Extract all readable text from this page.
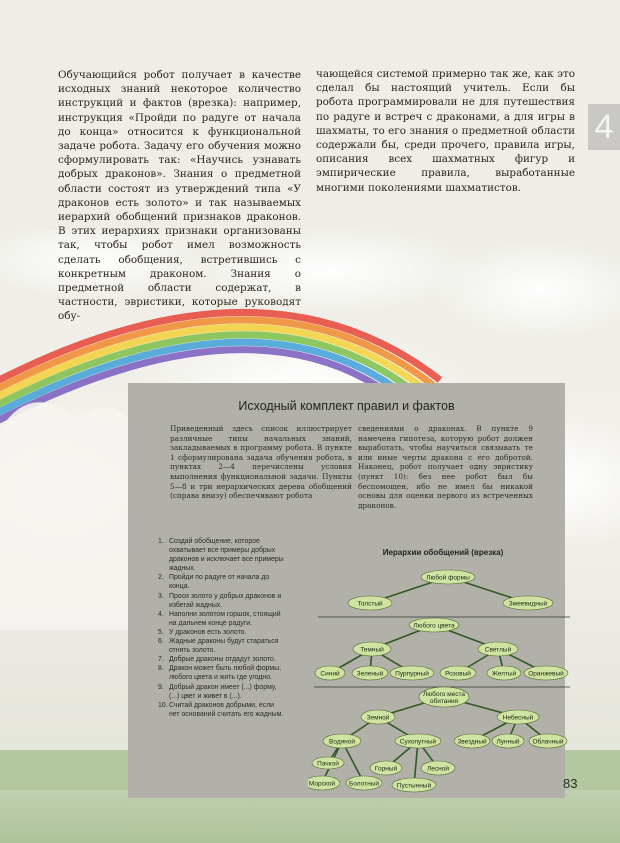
Обучающийся робот получает в качестве исходных знаний некоторое количество инструкций и фактов (врезка): например, инструкция «Пройди по радуге от начала до конца» относится к функциональной задаче робота. Задачу его обучения можно сформулировать так: «Научись узнавать добрых драконов». Знания о предметной области состоят из утверждений типа «У драконов есть золото» и так называемых иерархий обобщений признаков драконов. В этих иерархиях признаки организованы так, чтобы робот имел возможность сделать обобщения, встретившись с конкретным драконом. Знания о предметной области содержат, в частности, эвристики, которые руководят обу-

чающейся системой примерно так же, как это сделал бы настоящий учитель. Если бы робота программировали не для путешествия по радуге и встреч с драконами, а для игры в шахматы, то его знания о предметной области содержали бы, среди прочего, правила игры, описания всех шахматных фигур и эмпирические правила, выработанные многими поколениями шахматистов.

4
Исходный комплект правил и фактов

Приведенный здесь список иллюстрирует различные типы начальных знаний, закладываемых в программу робота. В пункте 1 сформулирована задача обучения робота, в пунктах 2—4 перечислены условия выполнения функциональной задачи. Пункты 5—8 и три иерархических дерева обобщений (справа внизу) обеспечивают робота

сведениями о драконах. В пункте 9 намечена гипотеза, которую робот должен выработать, чтобы научиться связывать те или иные черты дракона с его добротой. Наконец, робот получает одну эвристику (пункт 10): без нее робот был бы беспомощен, ибо не имел бы никакой основы для оценки первого из встреченных драконов.

1. Создай обобщение, которое охватывает все примеры добрых драконов и исключает все примеры жадных.
2. Пройди по радуге от начала до конца.
3. Проси золото у добрых драконов и избегай жадных.
4. Наполни золотом горшок, стоящий на дальнем конце радуги.
5. У драконов есть золото.
6. Жадные драконы будут стараться отнять золото.
7. Добрые драконы отдадут золото.
8. Дракон может быть любой формы, любого цвета и жить где угодно.
9. Добрый дракон имеет (...) форму, (...) цвет и живет в (...).
10. Считай драконов добрыми, если нет оснований считать его жадным.
Иерархии обобщений (врезка)
Любой формы
Толстый	Змеевидный
Любого цвета
Темный	Светлый
Синий	Зеленый Пурпурный Розовый	Желтый Оранжевый
Любого места
обитания
Земной	Небесный
Водяной	Сухопутный
Пачкой
Морской Болотный
Горный	Лесной
Пустынный
Звездный Лунный Облачный
83
